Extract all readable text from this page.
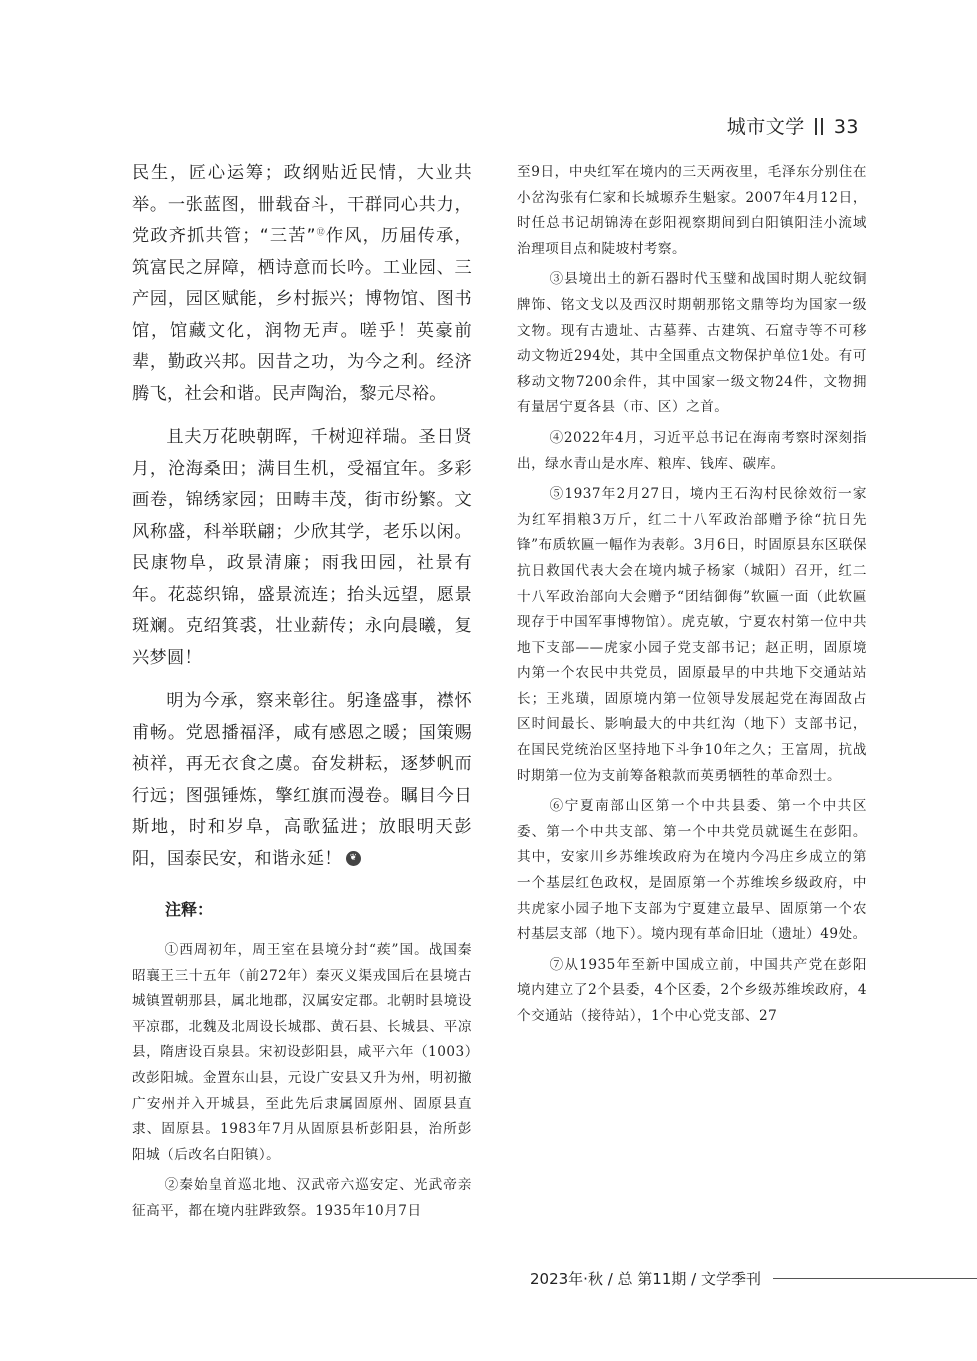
城市文学 33

民生，匠心运筹；政纲贴近民情，大业共举。一张蓝图，卌载奋斗，干群同心共力，党政齐抓共管；“三苦”⑫作风，历届传承，筑富民之屏障，栖诗意而长吟。工业园、三产园，园区赋能，乡村振兴；博物馆、图书馆，馆藏文化，润物无声。嗟乎！英豪前辈，勤政兴邦。因昔之功，为今之利。经济腾飞，社会和谐。民声陶治，黎元尽裕。

且夫万花映朝晖，千树迎祥瑞。圣日贤月，沧海桑田；满目生机，受福宜年。多彩画卷，锦绣家园；田畴丰茂，街市纷繁。文风称盛，科举联翩；少欣其学，老乐以闲。民康物阜，政景清廉；雨我田园，社景有年。花蕊织锦，盛景流连；抬头远望，愿景斑斓。克绍箕裘，壮业薪传；永向晨曦，复兴梦圆！

明为今承，察来彰往。躬逢盛事，襟怀甫畅。党恩播福泽，咸有感恩之暖；国策赐祯祥，再无衣食之虞。奋发耕耘，逐梦帆而行远；图强锤炼，擎红旗而漫卷。瞩目今日斯地，时和岁阜，高歌猛进；放眼明天彭阳，国泰民安，和谐永延！ ❦

注释：

①西周初年，周王室在县境分封“蒺”国。战国秦昭襄王三十五年（前272年）秦灭义渠戎国后在县境古城镇置朝那县，属北地郡，汉属安定郡。北朝时县境设平凉郡，北魏及北周设长城郡、黄石县、长城县、平凉县，隋唐设百泉县。宋初设彭阳县，咸平六年（1003）改彭阳城。金置东山县，元设广安县又升为州，明初撤广安州并入开城县，至此先后隶属固原州、固原县直隶、固原县。1983年7月从固原县析彭阳县，治所彭阳城（后改名白阳镇）。

②秦始皇首巡北地、汉武帝六巡安定、光武帝亲征高平，都在境内驻跸致祭。1935年10月7日

至9日，中央红军在境内的三天两夜里，毛泽东分别住在小岔沟张有仁家和长城塬乔生魁家。2007年4月12日，时任总书记胡锦涛在彭阳视察期间到白阳镇阳洼小流域治理项目点和陡坡村考察。

③县境出土的新石器时代玉璧和战国时期人驼纹铜牌饰、铭文戈以及西汉时期朝那铭文鼎等均为国家一级文物。现有古遗址、古墓葬、古建筑、石窟寺等不可移动文物近294处，其中全国重点文物保护单位1处。有可移动文物7200余件，其中国家一级文物24件，文物拥有量居宁夏各县（市、区）之首。

④2022年4月，习近平总书记在海南考察时深刻指出，绿水青山是水库、粮库、钱库、碳库。

⑤1937年2月27日，境内王石沟村民徐效衍一家为红军捐粮3万斤，红二十八军政治部赠予徐“抗日先锋”布质软匾一幅作为表彰。3月6日，时固原县东区联保抗日救国代表大会在境内城子杨家（城阳）召开，红二十八军政治部向大会赠予“团结御侮”软匾一面（此软匾现存于中国军事博物馆）。虎克敏，宁夏农村第一位中共地下支部——虎家小园子党支部书记；赵正明，固原境内第一个农民中共党员，固原最早的中共地下交通站站长；王兆璜，固原境内第一位领导发展起党在海固敌占区时间最长、影响最大的中共红沟（地下）支部书记，在国民党统治区坚持地下斗争10年之久；王富周，抗战时期第一位为支前筹备粮款而英勇牺牲的革命烈士。

⑥宁夏南部山区第一个中共县委、第一个中共区委、第一个中共支部、第一个中共党员就诞生在彭阳。其中，安家川乡苏维埃政府为在境内今冯庄乡成立的第一个基层红色政权，是固原第一个苏维埃乡级政府，中共虎家小园子地下支部为宁夏建立最早、固原第一个农村基层支部（地下）。境内现有革命旧址（遗址）49处。

⑦从1935年至新中国成立前，中国共产党在彭阳境内建立了2个县委，4个区委，2个乡级苏维埃政府，4个交通站（接待站），1个中心党支部、27

2023年·秋 / 总 第11期 / 文学季刊
